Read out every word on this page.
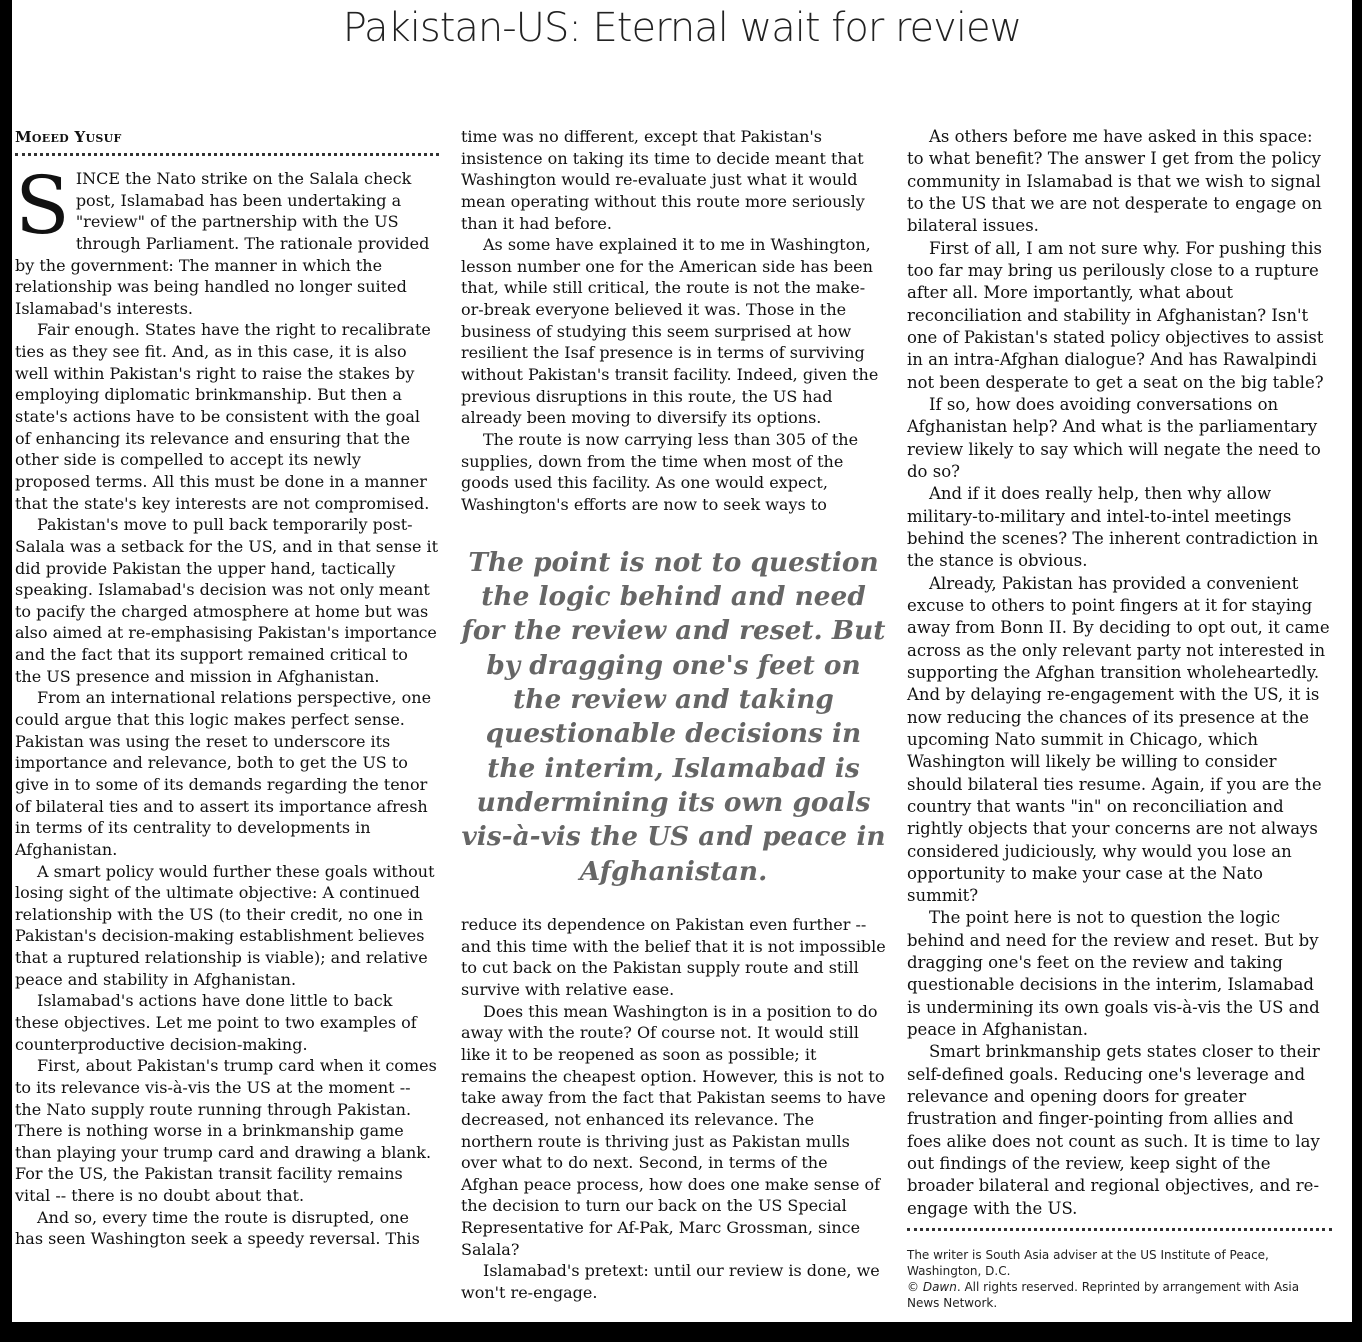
Pakistan-US: Eternal wait for review
Moeed Yusuf

SINCE the Nato strike on the Salala check post, Islamabad has been undertaking a "review" of the partnership with the US through Parliament. The rationale provided by the government: The manner in which the relationship was being handled no longer suited Islamabad's interests.

Fair enough. States have the right to recalibrate ties as they see fit. And, as in this case, it is also well within Pakistan's right to raise the stakes by employing diplomatic brinkmanship. But then a state's actions have to be consistent with the goal of enhancing its relevance and ensuring that the other side is compelled to accept its newly proposed terms. All this must be done in a manner that the state's key interests are not compromised.

Pakistan's move to pull back temporarily post-Salala was a setback for the US, and in that sense it did provide Pakistan the upper hand, tactically speaking. Islamabad's decision was not only meant to pacify the charged atmosphere at home but was also aimed at re-emphasising Pakistan's importance and the fact that its support remained critical to the US presence and mission in Afghanistan.

From an international relations perspective, one could argue that this logic makes perfect sense. Pakistan was using the reset to underscore its importance and relevance, both to get the US to give in to some of its demands regarding the tenor of bilateral ties and to assert its importance afresh in terms of its centrality to developments in Afghanistan.

A smart policy would further these goals without losing sight of the ultimate objective: A continued relationship with the US (to their credit, no one in Pakistan's decision-making establishment believes that a ruptured relationship is viable); and relative peace and stability in Afghanistan.

Islamabad's actions have done little to back these objectives. Let me point to two examples of counterproductive decision-making.

First, about Pakistan's trump card when it comes to its relevance vis-à-vis the US at the moment -- the Nato supply route running through Pakistan. There is nothing worse in a brinkmanship game than playing your trump card and drawing a blank. For the US, the Pakistan transit facility remains vital -- there is no doubt about that.

And so, every time the route is disrupted, one has seen Washington seek a speedy reversal. This

time was no different, except that Pakistan's insistence on taking its time to decide meant that Washington would re-evaluate just what it would mean operating without this route more seriously than it had before.

As some have explained it to me in Washington, lesson number one for the American side has been that, while still critical, the route is not the make-or-break everyone believed it was. Those in the business of studying this seem surprised at how resilient the Isaf presence is in terms of surviving without Pakistan's transit facility. Indeed, given the previous disruptions in this route, the US had already been moving to diversify its options.

The route is now carrying less than 305 of the supplies, down from the time when most of the goods used this facility. As one would expect, Washington's efforts are now to seek ways to

The point is not to question the logic behind and need for the review and reset. But by dragging one's feet on the review and taking questionable decisions in the interim, Islamabad is undermining its own goals vis-à-vis the US and peace in Afghanistan.

reduce its dependence on Pakistan even further -- and this time with the belief that it is not impossible to cut back on the Pakistan supply route and still survive with relative ease.

Does this mean Washington is in a position to do away with the route? Of course not. It would still like it to be reopened as soon as possible; it remains the cheapest option. However, this is not to take away from the fact that Pakistan seems to have decreased, not enhanced its relevance. The northern route is thriving just as Pakistan mulls over what to do next. Second, in terms of the Afghan peace process, how does one make sense of the decision to turn our back on the US Special Representative for Af-Pak, Marc Grossman, since Salala?

Islamabad's pretext: until our review is done, we won't re-engage.

As others before me have asked in this space: to what benefit? The answer I get from the policy community in Islamabad is that we wish to signal to the US that we are not desperate to engage on bilateral issues.

First of all, I am not sure why. For pushing this too far may bring us perilously close to a rupture after all. More importantly, what about reconciliation and stability in Afghanistan? Isn't one of Pakistan's stated policy objectives to assist in an intra-Afghan dialogue? And has Rawalpindi not been desperate to get a seat on the big table?

If so, how does avoiding conversations on Afghanistan help? And what is the parliamentary review likely to say which will negate the need to do so?

And if it does really help, then why allow military-to-military and intel-to-intel meetings behind the scenes? The inherent contradiction in the stance is obvious.

Already, Pakistan has provided a convenient excuse to others to point fingers at it for staying away from Bonn II. By deciding to opt out, it came across as the only relevant party not interested in supporting the Afghan transition wholeheartedly. And by delaying re-engagement with the US, it is now reducing the chances of its presence at the upcoming Nato summit in Chicago, which Washington will likely be willing to consider should bilateral ties resume. Again, if you are the country that wants "in" on reconciliation and rightly objects that your concerns are not always considered judiciously, why would you lose an opportunity to make your case at the Nato summit?

The point here is not to question the logic behind and need for the review and reset. But by dragging one's feet on the review and taking questionable decisions in the interim, Islamabad is undermining its own goals vis-à-vis the US and peace in Afghanistan.

Smart brinkmanship gets states closer to their self-defined goals. Reducing one's leverage and relevance and opening doors for greater frustration and finger-pointing from allies and foes alike does not count as such. It is time to lay out findings of the review, keep sight of the broader bilateral and regional objectives, and re-engage with the US.

The writer is South Asia adviser at the US Institute of Peace, Washington, D.C.
© Dawn. All rights reserved. Reprinted by arrangement with Asia News Network.
